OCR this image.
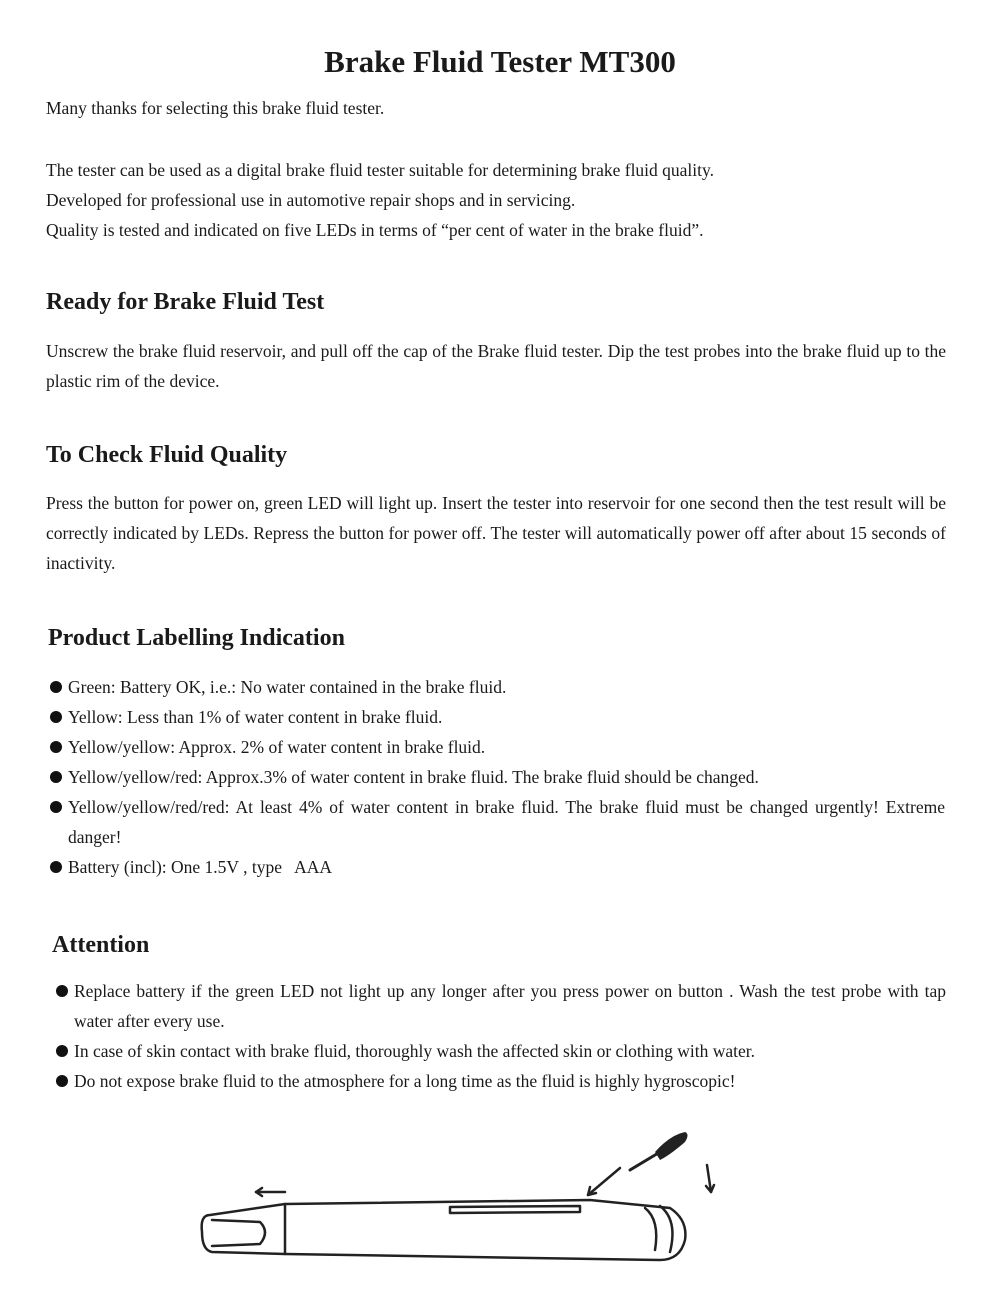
Brake Fluid Tester MT300

Many thanks for selecting this brake fluid tester.

The tester can be used as a digital brake fluid tester suitable for determining brake fluid quality.
Developed for professional use in automotive repair shops and in servicing.
Quality is tested and indicated on five LEDs in terms of “per cent of water in the brake fluid”.

Ready for Brake Fluid Test

Unscrew the brake fluid reservoir, and pull off the cap of the Brake fluid tester. Dip the test probes into the brake fluid up to the plastic rim of the device.

To Check Fluid Quality

Press the button for power on, green LED will light up. Insert the tester into reservoir for one second then the test result will be correctly indicated by LEDs. Repress the button for power off. The tester will automatically power off after about 15 seconds of inactivity.

Product Labelling Indication
Green: Battery OK, i.e.: No water contained in the brake fluid.
Yellow: Less than 1% of water content in brake fluid.
Yellow/yellow: Approx. 2% of water content in brake fluid.
Yellow/yellow/red: Approx.3% of water content in brake fluid. The brake fluid should be changed.
Yellow/yellow/red/red: At least 4% of water content in brake fluid. The brake fluid must be changed urgently! Extreme danger!
Battery (incl): One 1.5V , type   AAA
Attention
Replace battery if the green LED not light up any longer after you press power on button . Wash the test probe with tap water after every use.
In case of skin contact with brake fluid, thoroughly wash the affected skin or clothing with water.
Do not expose brake fluid to the atmosphere for a long time as the fluid is highly hygroscopic!
